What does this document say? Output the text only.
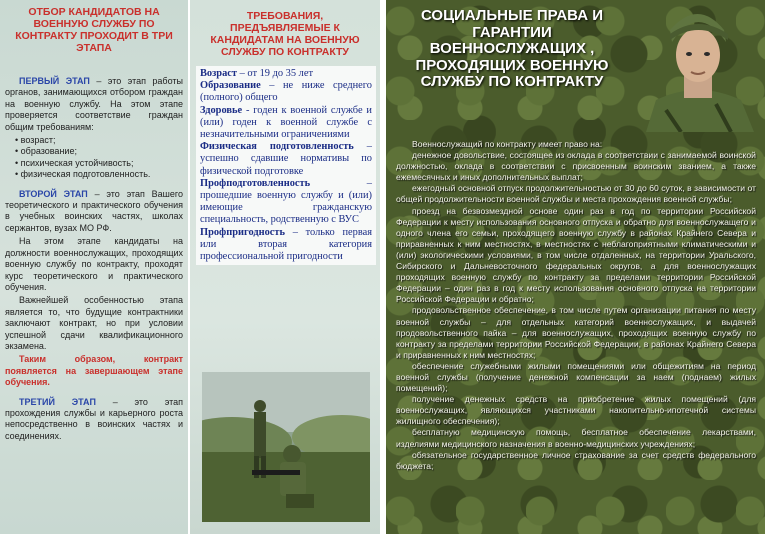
ОТБОР КАНДИДАТОВ НА ВОЕННУЮ СЛУЖБУ ПО КОНТРАКТУ ПРОХОДИТ В ТРИ ЭТАПА

ПЕРВЫЙ ЭТАП – это этап работы органов, занимающихся отбором граждан на военную службу. На этом этапе проверяется соответствие граждан общим требованиям:

• возраст;
• образование;
• психическая устойчивость;
• физическая подготовленность.

ВТОРОЙ ЭТАП – это этап Вашего теоретического и практического обучения в учебных воинских частях, школах сержантов, вузах МО РФ.

На этом этапе кандидаты на должности военнослужащих, проходящих военную службу по контракту, проходят курс теоретического и практического обучения.

Важнейшей особенностью этапа является то, что будущие контрактники заключают контракт, но при условии успешной сдачи квалификационного экзамена.

Таким образом, контракт появляется на завершающем этапе обучения.

ТРЕТИЙ ЭТАП – это этап прохождения службы и карьерного роста непосредственно в воинских частях и соединениях.

ТРЕБОВАНИЯ, ПРЕДЪЯВЛЯЕМЫЕ К КАНДИДАТАМ НА ВОЕННУЮ СЛУЖБУ ПО КОНТРАКТУ

Возраст – от 19 до 35 лет

Образование – не ниже среднего (полного) общего

Здоровье - годен к военной службе и (или) годен к военной службе с незначительными ограничениями

Физическая подготовленность – успешно сдавшие нормативы по физической подготовке

Профподготовленность – прошедшие военную службу и (или) имеющие гражданскую специальность, родственную с ВУС

Профпригодность – только первая или вторая категория профессиональной пригодности

СОЦИАЛЬНЫЕ ПРАВА И ГАРАНТИИ ВОЕННОСЛУЖАЩИХ , ПРОХОДЯЩИХ ВОЕННУЮ СЛУЖБУ ПО КОНТРАКТУ

Военнослужащий по контракту имеет право на:

денежное довольствие, состоящее из оклада в соответствии с занимаемой воинской должностью, оклада в соответствии с присвоенным воинским званием, а также ежемесячных и иных дополнительных выплат;

ежегодный основной отпуск продолжительностью от 30 до 60 суток, в зависимости от общей продолжительности военной службы и места прохождения военной службы;

проезд на безвозмездной основе один раз в год по территории Российской Федерации к месту использования основного отпуска и обратно для военнослужащего и одного члена его семьи, проходящего военную службу в районах Крайнего Севера и приравненных к ним местностях, в местностях с неблагоприятными климатическими и (или) экологическими условиями, в том числе отдаленных, на территории Уральского, Сибирского и Дальневосточного федеральных округов, а для военнослужащих проходящих военную службу по контракту за пределами территории Российской Федерации – один раз в год к месту использования основного отпуска на территории Российской Федерации и обратно;

продовольственное обеспечение, в том числе путем организации питания по месту военной службы – для отдельных категорий военнослужащих, и выдачей продовольственного пайка – для военнослужащих, проходящих военную службу по контракту за пределами территории Российской Федерации, в районах Крайнего Севера и приравненных к ним местностях;

обеспечение служебными жилыми помещениями или общежитиям на период военной службы (получение денежной компенсации за наем (поднаем) жилых помещений);

получение денежных средств на приобретение жилых помещений (для военнослужащих, являющихся участниками накопительно-ипотечной системы жилищного обеспечения);

бесплатную медицинскую помощь, бесплатное обеспечение лекарствами, изделиями медицинского назначения в военно-медицинских учреждениях;

обязательное государственное личное страхование за счет средств федерального бюджета;
